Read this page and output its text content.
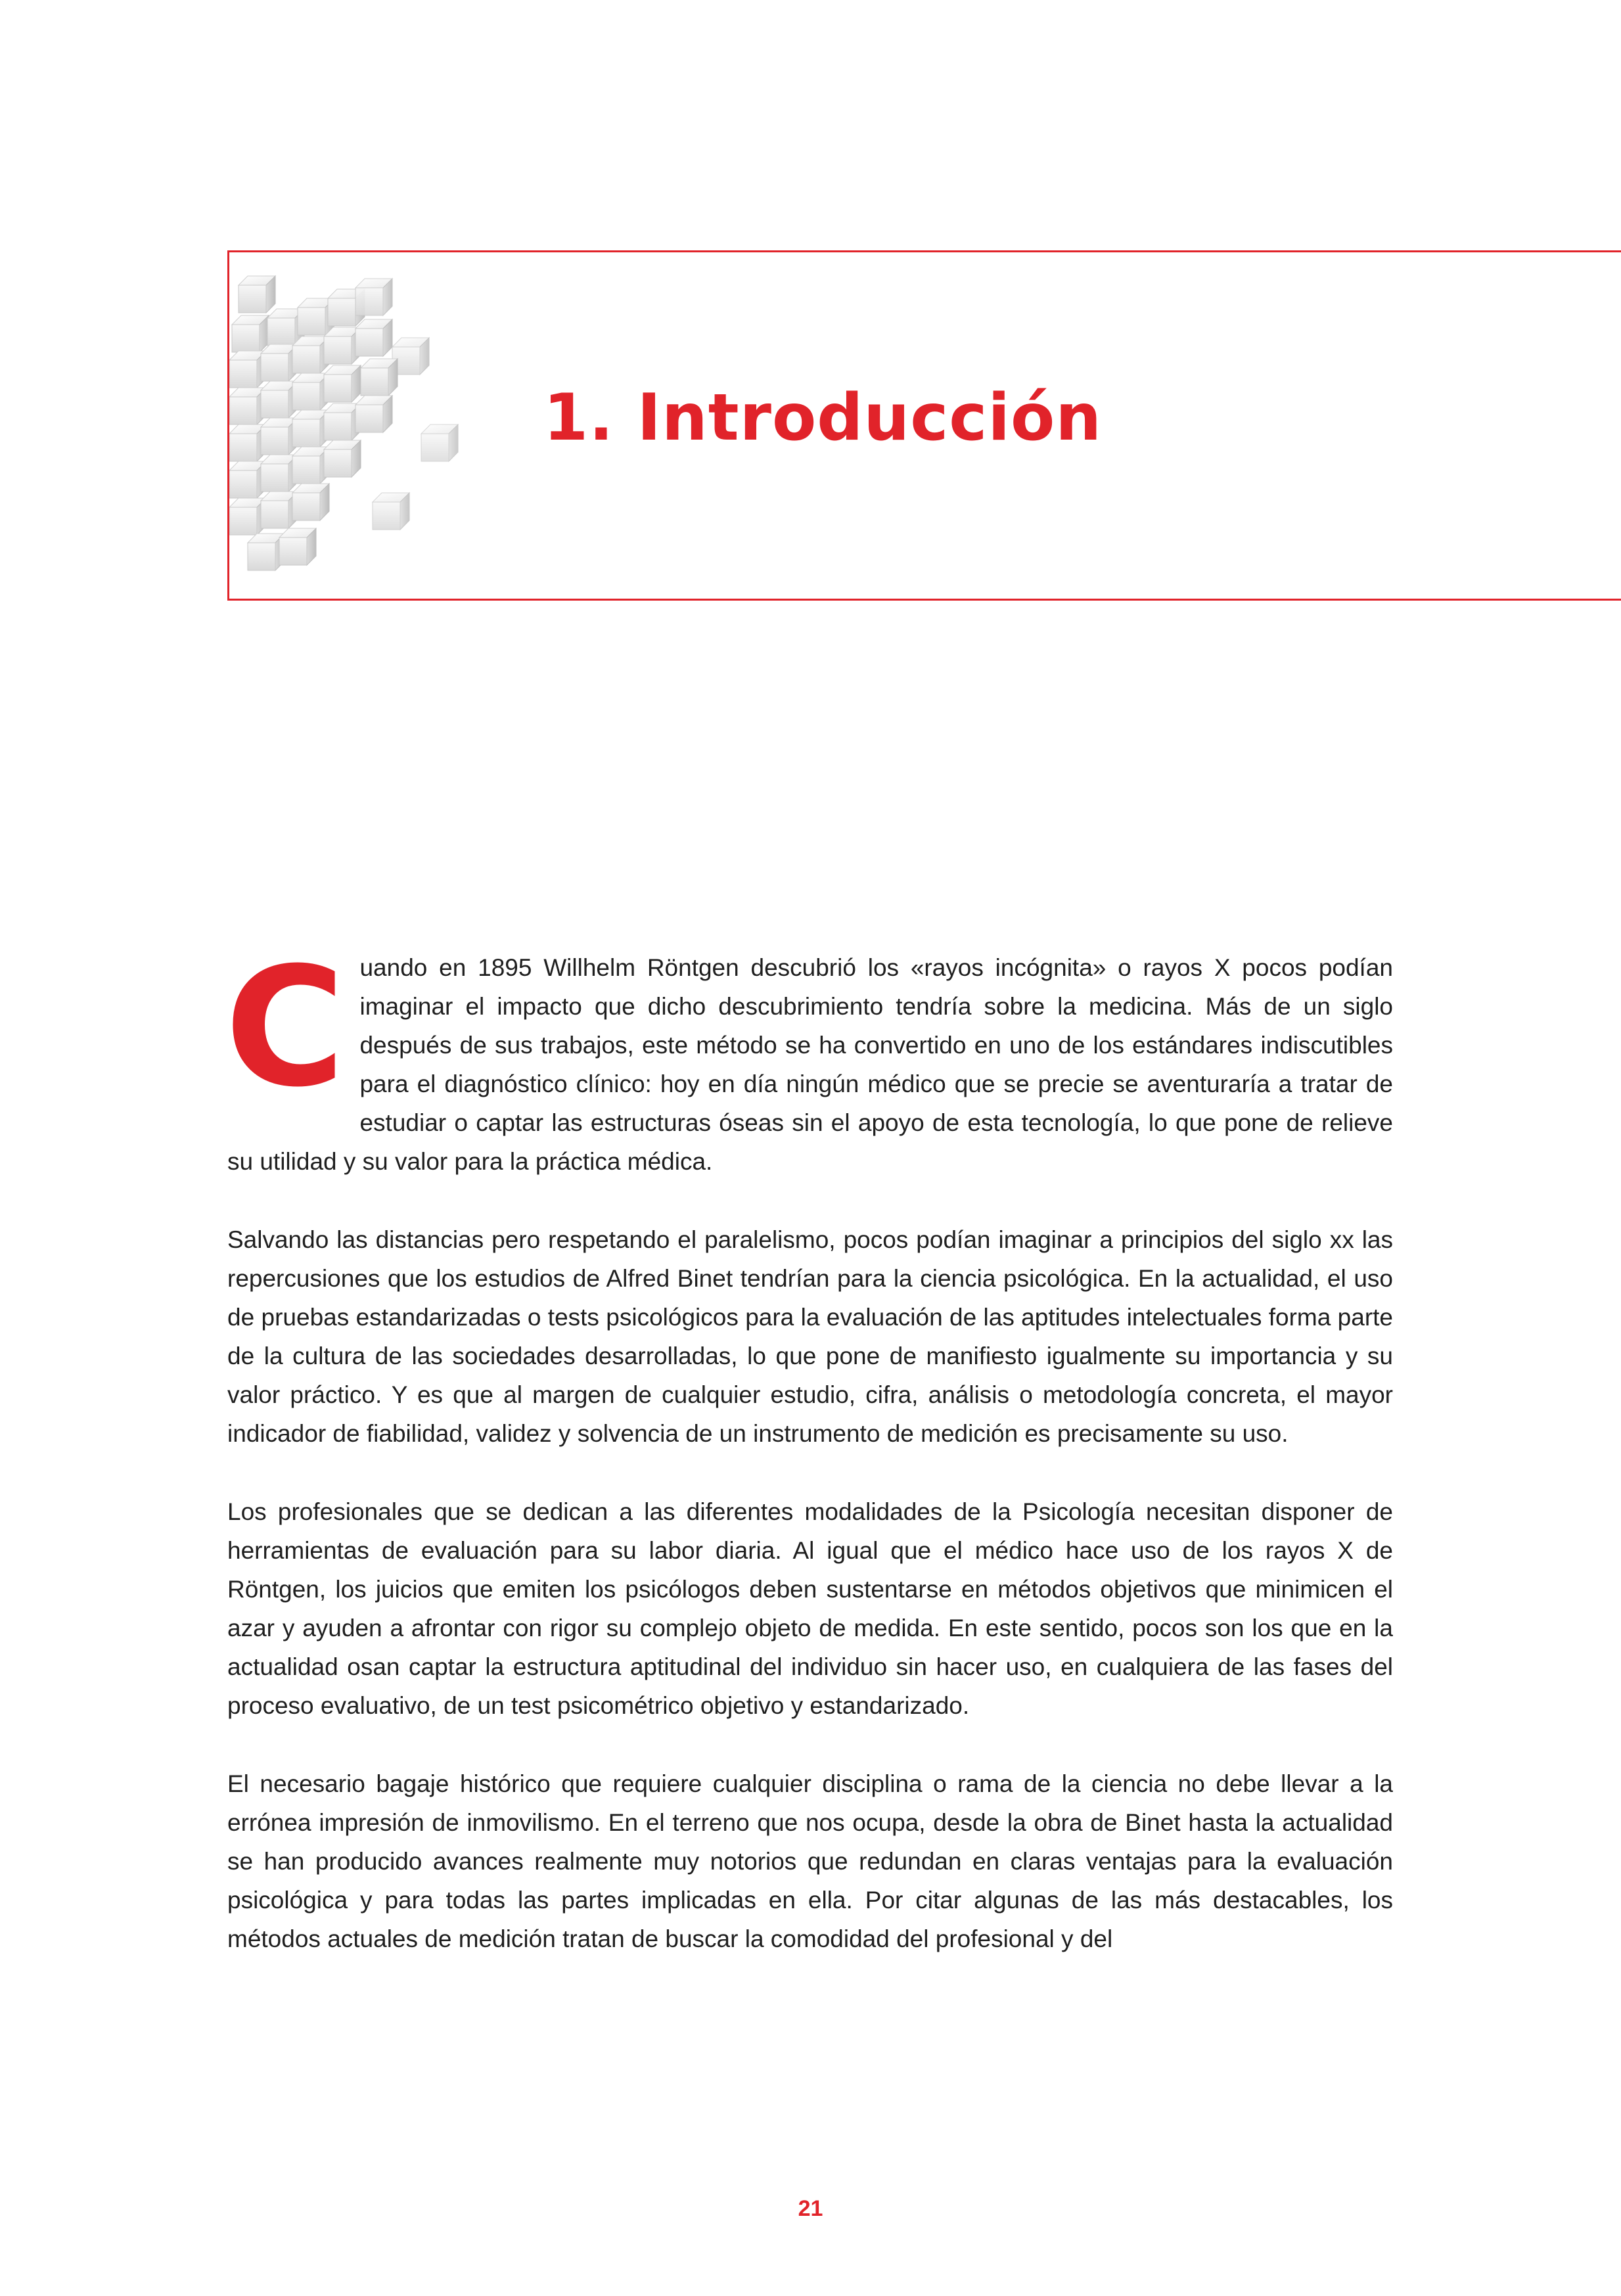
1. Introducción

Cuando en 1895 Willhelm Röntgen descubrió los «rayos incógnita» o rayos X pocos podían imaginar el impacto que dicho descubrimiento tendría sobre la medicina. Más de un siglo después de sus trabajos, este método se ha convertido en uno de los estándares indiscutibles para el diagnóstico clínico: hoy en día ningún médico que se precie se aventuraría a tratar de estudiar o captar las estructuras óseas sin el apoyo de esta tecnología, lo que pone de relieve su utilidad y su valor para la práctica médica.

Salvando las distancias pero respetando el paralelismo, pocos podían imaginar a principios del siglo xx las repercusiones que los estudios de Alfred Binet tendrían para la ciencia psicológica. En la actualidad, el uso de pruebas estandarizadas o tests psicológicos para la evaluación de las aptitudes intelectuales forma parte de la cultura de las sociedades desarrolladas, lo que pone de manifiesto igualmente su importancia y su valor práctico. Y es que al margen de cualquier estudio, cifra, análisis o metodología concreta, el mayor indicador de fiabilidad, validez y solvencia de un instrumento de medición es precisamente su uso.

Los profesionales que se dedican a las diferentes modalidades de la Psicología necesitan disponer de herramientas de evaluación para su labor diaria. Al igual que el médico hace uso de los rayos X de Röntgen, los juicios que emiten los psicólogos deben sustentarse en métodos objetivos que minimicen el azar y ayuden a afrontar con rigor su complejo objeto de medida. En este sentido, pocos son los que en la actualidad osan captar la estructura aptitudinal del individuo sin hacer uso, en cualquiera de las fases del proceso evaluativo, de un test psicométrico objetivo y estandarizado.

El necesario bagaje histórico que requiere cualquier disciplina o rama de la ciencia no debe llevar a la errónea impresión de inmovilismo. En el terreno que nos ocupa, desde la obra de Binet hasta la actualidad se han producido avances realmente muy notorios que redundan en claras ventajas para la evaluación psicológica y para todas las partes implicadas en ella. Por citar algunas de las más destacables, los métodos actuales de medición tratan de buscar la comodidad del profesional y del

21
